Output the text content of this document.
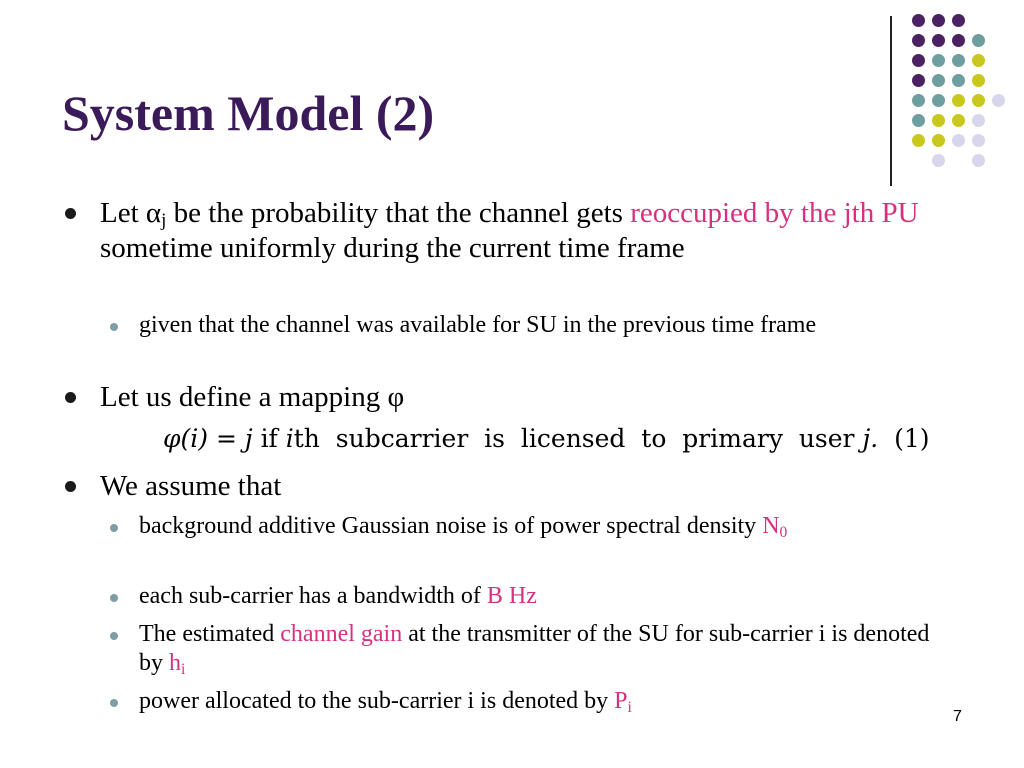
System Model (2)
Let $\alpha_j$ be the probability that the channel gets reoccupied by the jth PU sometime uniformly during the current time frame
given that the channel was available for SU in the previous time frame
Let us define a mapping φ
φ(i) = j if ith  subcarrier  is  licensed  to  primary  user j. (1)
We assume that
background additive Gaussian noise is of power spectral density $N_0$
each sub-carrier has a bandwidth of B Hz
The estimated channel gain at the transmitter of the SU for sub-carrier i is denoted by $h_i$
power allocated to the sub-carrier i is denoted by $P_i$
7
